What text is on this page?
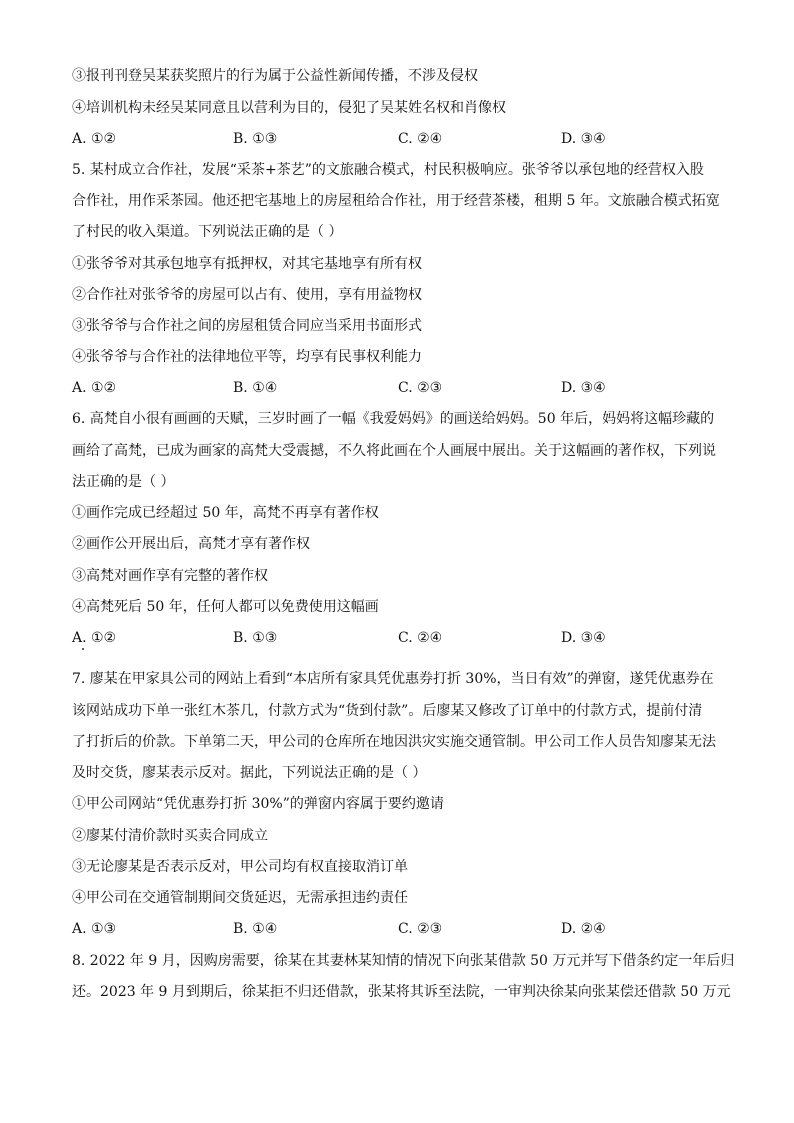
③报刊刊登吴某获奖照片的行为属于公益性新闻传播，不涉及侵权
④培训机构未经吴某同意且以营利为目的，侵犯了吴某姓名权和肖像权
A. ①②	B. ①③	C. ②④	D. ③④
5. 某村成立合作社，发展“采茶+茶艺”的文旅融合模式，村民积极响应。张爷爷以承包地的经营权入股
合作社，用作采茶园。他还把宅基地上的房屋租给合作社，用于经营茶楼，租期 5 年。文旅融合模式拓宽
了村民的收入渠道。下列说法正确的是（ ）
①张爷爷对其承包地享有抵押权，对其宅基地享有所有权
②合作社对张爷爷的房屋可以占有、使用，享有用益物权
③张爷爷与合作社之间的房屋租赁合同应当采用书面形式
④张爷爷与合作社的法律地位平等，均享有民事权利能力
A. ①②	B. ①④	C. ②③	D. ③④
6. 高梵自小很有画画的天赋，三岁时画了一幅《我爱妈妈》的画送给妈妈。50 年后，妈妈将这幅珍藏的
画给了高梵，已成为画家的高梵大受震撼，不久将此画在个人画展中展出。关于这幅画的著作权，下列说
法正确的是（ ）
①画作完成已经超过 50 年，高梵不再享有著作权
②画作公开展出后，高梵才享有著作权
③高梵对画作享有完整的著作权
④高梵死后 50 年，任何人都可以免费使用这幅画
A. ①②	B. ①③	C. ②④	D. ③④
7. 廖某在甲家具公司的网站上看到“本店所有家具凭优惠券打折 30%，当日有效”的弹窗，遂凭优惠券在
该网站成功下单一张红木茶几，付款方式为“货到付款”。后廖某又修改了订单中的付款方式，提前付清
了打折后的价款。下单第二天，甲公司的仓库所在地因洪灾实施交通管制。甲公司工作人员告知廖某无法
及时交货，廖某表示反对。据此，下列说法正确的是（ ）
①甲公司网站“凭优惠券打折 30%”的弹窗内容属于要约邀请
②廖某付清价款时买卖合同成立
③无论廖某是否表示反对，甲公司均有权直接取消订单
④甲公司在交通管制期间交货延迟，无需承担违约责任
A. ①③	B. ①④	C. ②③	D. ②④
8. 2022 年 9 月，因购房需要，徐某在其妻林某知情的情况下向张某借款 50 万元并写下借条约定一年后归
还。2023 年 9 月到期后，徐某拒不归还借款，张某将其诉至法院，一审判决徐某向张某偿还借款 50 万元
